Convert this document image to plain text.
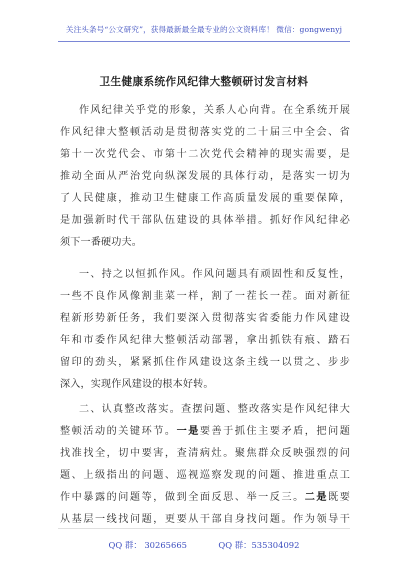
关注头条号“公文研究”，获得最新最全最专业的公文资料库！ 微信：gongwenyj
卫生健康系统作风纪律大整顿研讨发言材料

作风纪律关乎党的形象，关系人心向背。在全系统开展
作风纪律大整顿活动是贯彻落实党的二十届三中全会、省
第十一次党代会、市第十二次党代会精神的现实需要，是
推动全面从严治党向纵深发展的具体行动，是落实一切为
了人民健康，推动卫生健康工作高质量发展的重要保障，
是加强新时代干部队伍建设的具体举措。抓好作风纪律必
须下一番硬功夫。

一、持之以恒抓作风。作风问题具有顽固性和反复性，
一些不良作风像割韭菜一样，割了一茬长一茬。面对新征
程新形势新任务，我们要深入贯彻落实省委能力作风建设
年和市委作风纪律大整顿活动部署，拿出抓铁有痕、踏石
留印的劲头，紧紧抓住作风建设这条主线一以贯之、步步
深入，实现作风建设的根本好转。

二、认真整改落实。查摆问题、整改落实是作风纪律大
整顿活动的关键环节。一是要善于抓住主要矛盾，把问题
找准找全，切中要害，查清病灶。聚焦群众反映强烈的问
题、上级指出的问题、巡视巡察发现的问题、推进重点工
作中暴露的问题等，做到全面反思、举一反三。二是既要
从基层一线找问题，更要从干部自身找问题。作为领导干

QQ 群： 30265665	QQ 群：535304092
